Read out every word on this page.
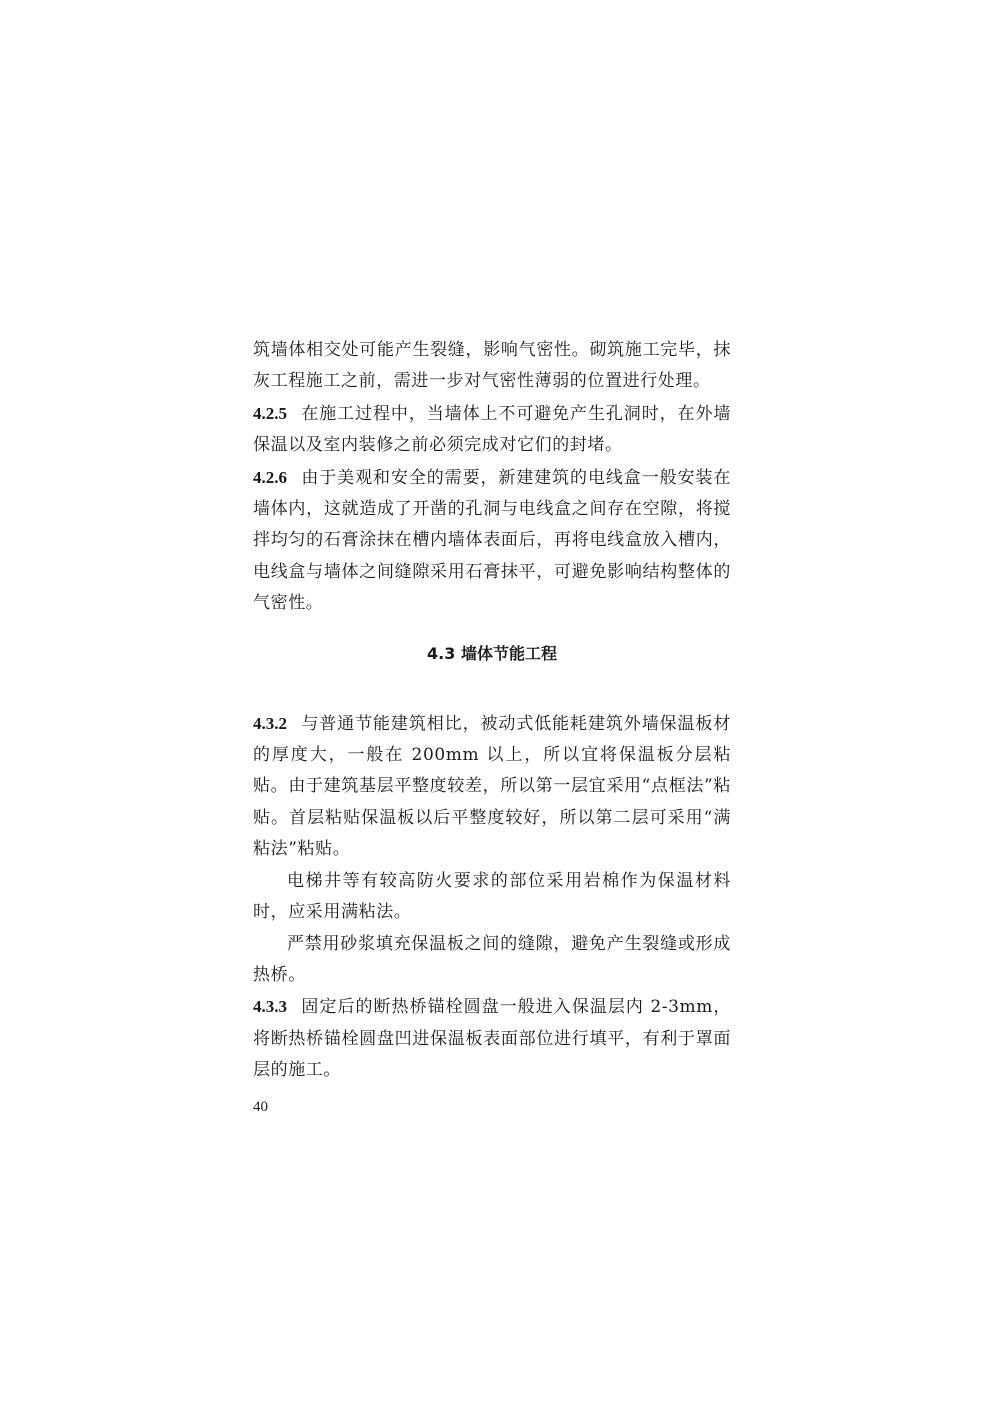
筑墙体相交处可能产生裂缝，影响气密性。砌筑施工完毕，抹灰工程施工之前，需进一步对气密性薄弱的位置进行处理。

4.2.5 在施工过程中，当墙体上不可避免产生孔洞时，在外墙保温以及室内装修之前必须完成对它们的封堵。

4.2.6 由于美观和安全的需要，新建建筑的电线盒一般安装在墙体内，这就造成了开凿的孔洞与电线盒之间存在空隙，将搅拌均匀的石膏涂抹在槽内墙体表面后，再将电线盒放入槽内，电线盒与墙体之间缝隙采用石膏抹平，可避免影响结构整体的气密性。

4.3 墙体节能工程

4.3.2 与普通节能建筑相比，被动式低能耗建筑外墙保温板材的厚度大，一般在 200mm 以上，所以宜将保温板分层粘贴。由于建筑基层平整度较差，所以第一层宜采用“点框法”粘贴。首层粘贴保温板以后平整度较好，所以第二层可采用“满粘法”粘贴。

电梯井等有较高防火要求的部位采用岩棉作为保温材料时，应采用满粘法。

严禁用砂浆填充保温板之间的缝隙，避免产生裂缝或形成热桥。

4.3.3 固定后的断热桥锚栓圆盘一般进入保温层内 2-3mm，将断热桥锚栓圆盘凹进保温板表面部位进行填平，有利于罩面层的施工。

40
